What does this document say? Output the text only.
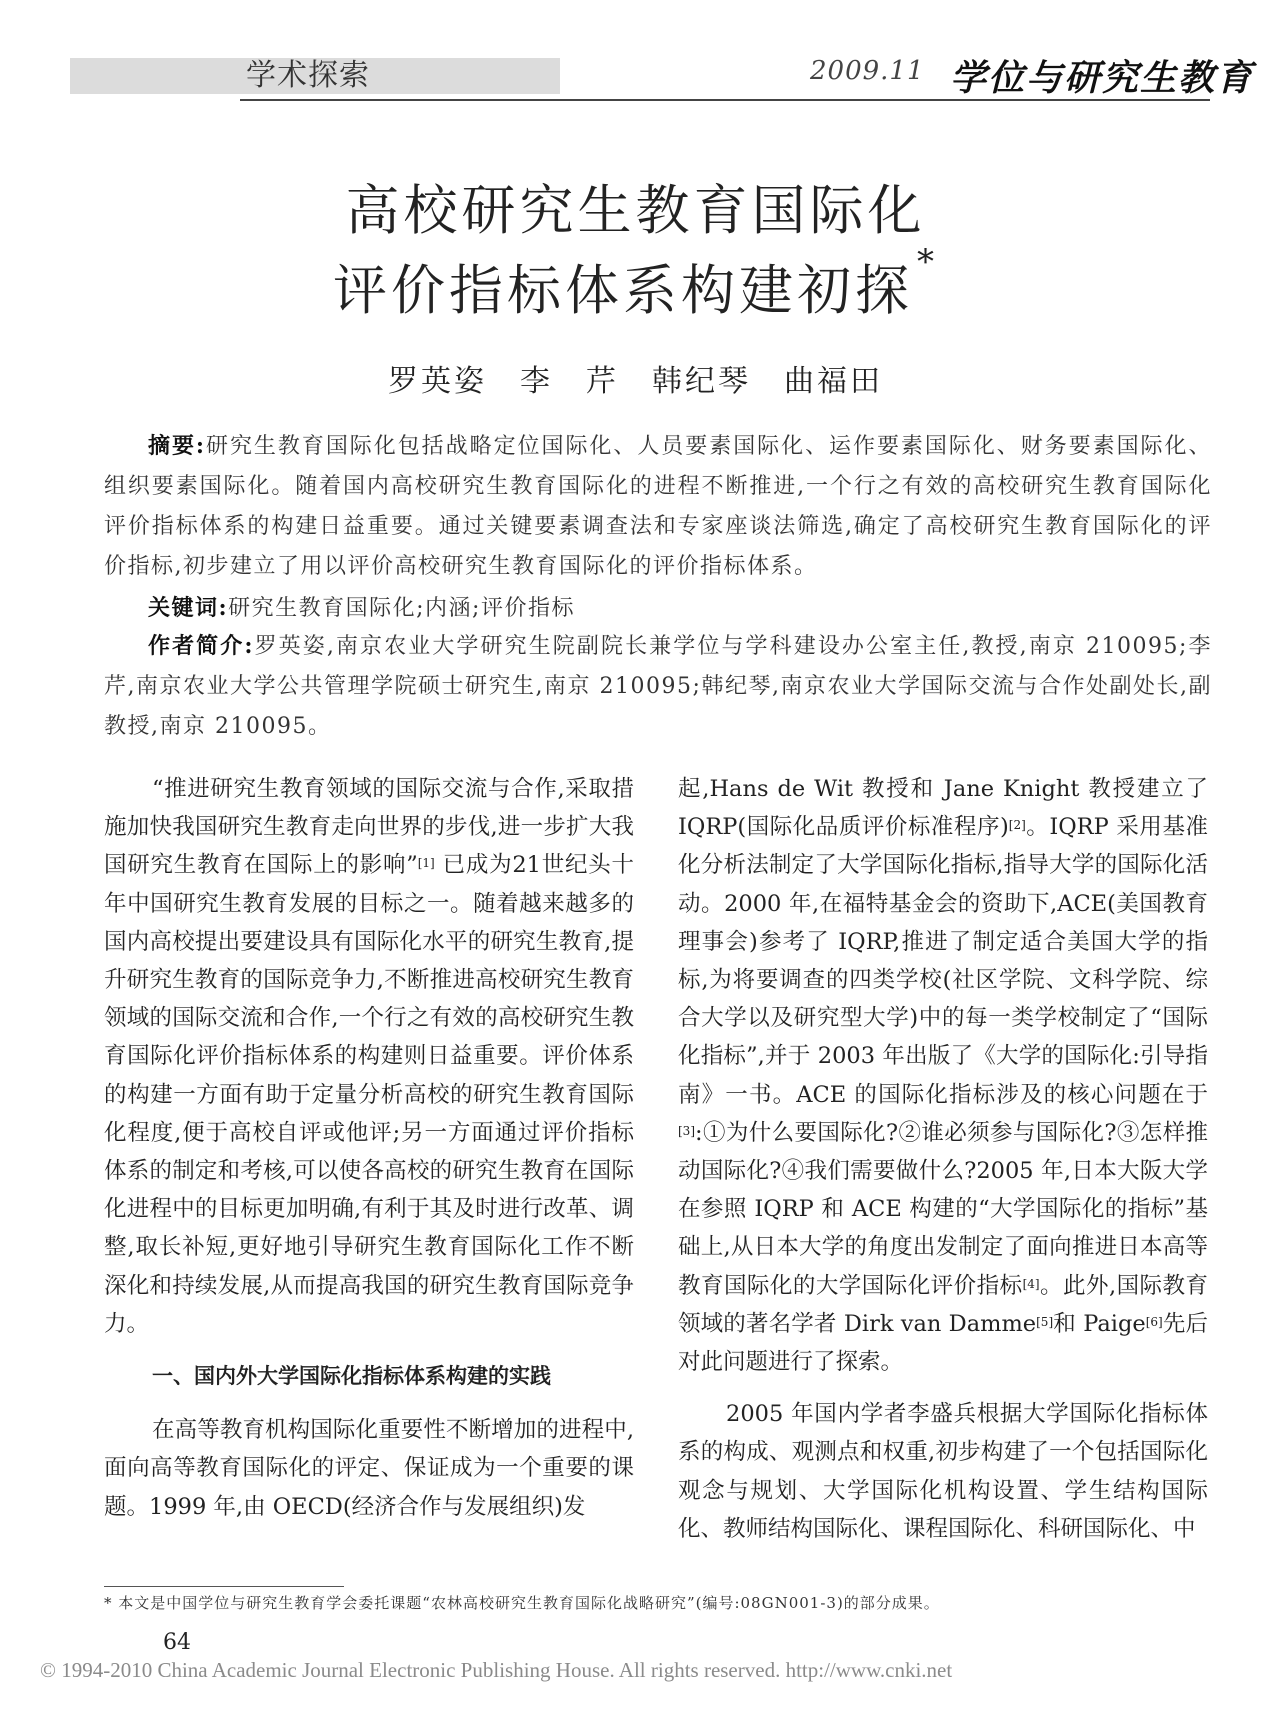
学术探索	2009.11 学位与研究生教育
高校研究生教育国际化
评价指标体系构建初探 *
罗英姿　李　芹　韩纪琴　曲福田
摘要:研究生教育国际化包括战略定位国际化、人员要素国际化、运作要素国际化、财务要素国际化、组织要素国际化。随着国内高校研究生教育国际化的进程不断推进,一个行之有效的高校研究生教育国际化评价指标体系的构建日益重要。通过关键要素调查法和专家座谈法筛选,确定了高校研究生教育国际化的评价指标,初步建立了用以评价高校研究生教育国际化的评价指标体系。
关键词:研究生教育国际化;内涵;评价指标
作者简介:罗英姿,南京农业大学研究生院副院长兼学位与学科建设办公室主任,教授,南京 210095;李芹,南京农业大学公共管理学院硕士研究生,南京 210095;韩纪琴,南京农业大学国际交流与合作处副处长,副教授,南京 210095。

“推进研究生教育领域的国际交流与合作,采取措施加快我国研究生教育走向世界的步伐,进一步扩大我国研究生教育在国际上的影响”[1] 已成为21世纪头十年中国研究生教育发展的目标之一。随着越来越多的国内高校提出要建设具有国际化水平的研究生教育,提升研究生教育的国际竞争力,不断推进高校研究生教育领域的国际交流和合作,一个行之有效的高校研究生教育国际化评价指标体系的构建则日益重要。评价体系的构建一方面有助于定量分析高校的研究生教育国际化程度,便于高校自评或他评;另一方面通过评价指标体系的制定和考核,可以使各高校的研究生教育在国际化进程中的目标更加明确,有利于其及时进行改革、调整,取长补短,更好地引导研究生教育国际化工作不断深化和持续发展,从而提高我国的研究生教育国际竞争力。

一、国内外大学国际化指标体系构建的实践

在高等教育机构国际化重要性不断增加的进程中,面向高等教育国际化的评定、保证成为一个重要的课题。1999 年,由 OECD(经济合作与发展组织)发

起,Hans de Wit 教授和 Jane Knight 教授建立了 IQRP(国际化品质评价标准程序)[2]。IQRP 采用基准化分析法制定了大学国际化指标,指导大学的国际化活动。2000 年,在福特基金会的资助下,ACE(美国教育理事会)参考了 IQRP,推进了制定适合美国大学的指标,为将要调查的四类学校(社区学院、文科学院、综合大学以及研究型大学)中的每一类学校制定了“国际化指标”,并于 2003 年出版了《大学的国际化:引导指南》一书。ACE 的国际化指标涉及的核心问题在于[3]:①为什么要国际化?②谁必须参与国际化?③怎样推动国际化?④我们需要做什么?2005 年,日本大阪大学在参照 IQRP 和 ACE 构建的“大学国际化的指标”基础上,从日本大学的角度出发制定了面向推进日本高等教育国际化的大学国际化评价指标[4]。此外,国际教育领域的著名学者 Dirk van Damme[5]和 Paige[6]先后对此问题进行了探索。

2005 年国内学者李盛兵根据大学国际化指标体系的构成、观测点和权重,初步构建了一个包括国际化观念与规划、大学国际化机构设置、学生结构国际化、教师结构国际化、课程国际化、科研国际化、中

* 本文是中国学位与研究生教育学会委托课题“农林高校研究生教育国际化战略研究”(编号:08GN001-3)的部分成果。
64
© 1994-2010 China Academic Journal Electronic Publishing House. All rights reserved. http://www.cnki.net
